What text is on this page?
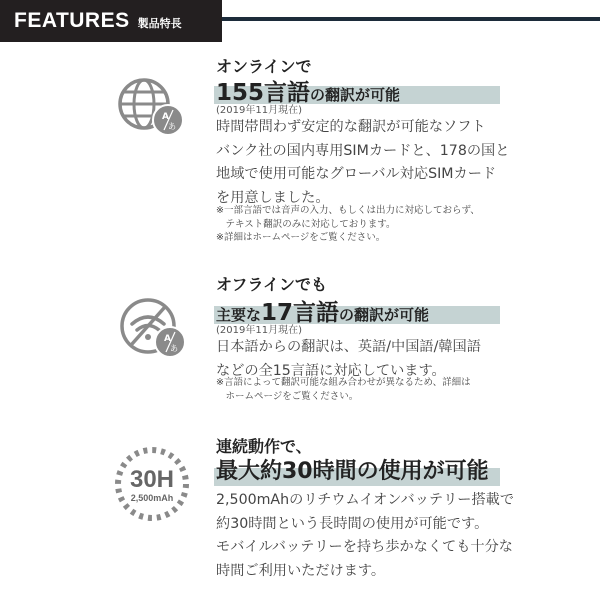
FEATURES 製品特長
A
あ
オンラインで
155言語の翻訳が可能
(2019年11月現在)
時間帯問わず安定的な翻訳が可能なソフト
バンク社の国内専用SIMカードと、178の国と
地域で使用可能なグローバル対応SIMカード
を用意しました。
※一部言語では音声の入力、もしくは出力に対応しておらず、
　テキスト翻訳のみに対応しております。
※詳細はホームページをご覧ください。
A
あ
オフラインでも
主要な17言語の翻訳が可能
(2019年11月現在)
日本語からの翻訳は、英語/中国語/韓国語
などの全15言語に対応しています。
※言語によって翻訳可能な組み合わせが異なるため、詳細は
　ホームページをご覧ください。
30H
2,500mAh
連続動作で、
最大約30時間の使用が可能
2,500mAhのリチウムイオンバッテリー搭載で
約30時間という長時間の使用が可能です。
モバイルバッテリーを持ち歩かなくても十分な
時間ご利用いただけます。
